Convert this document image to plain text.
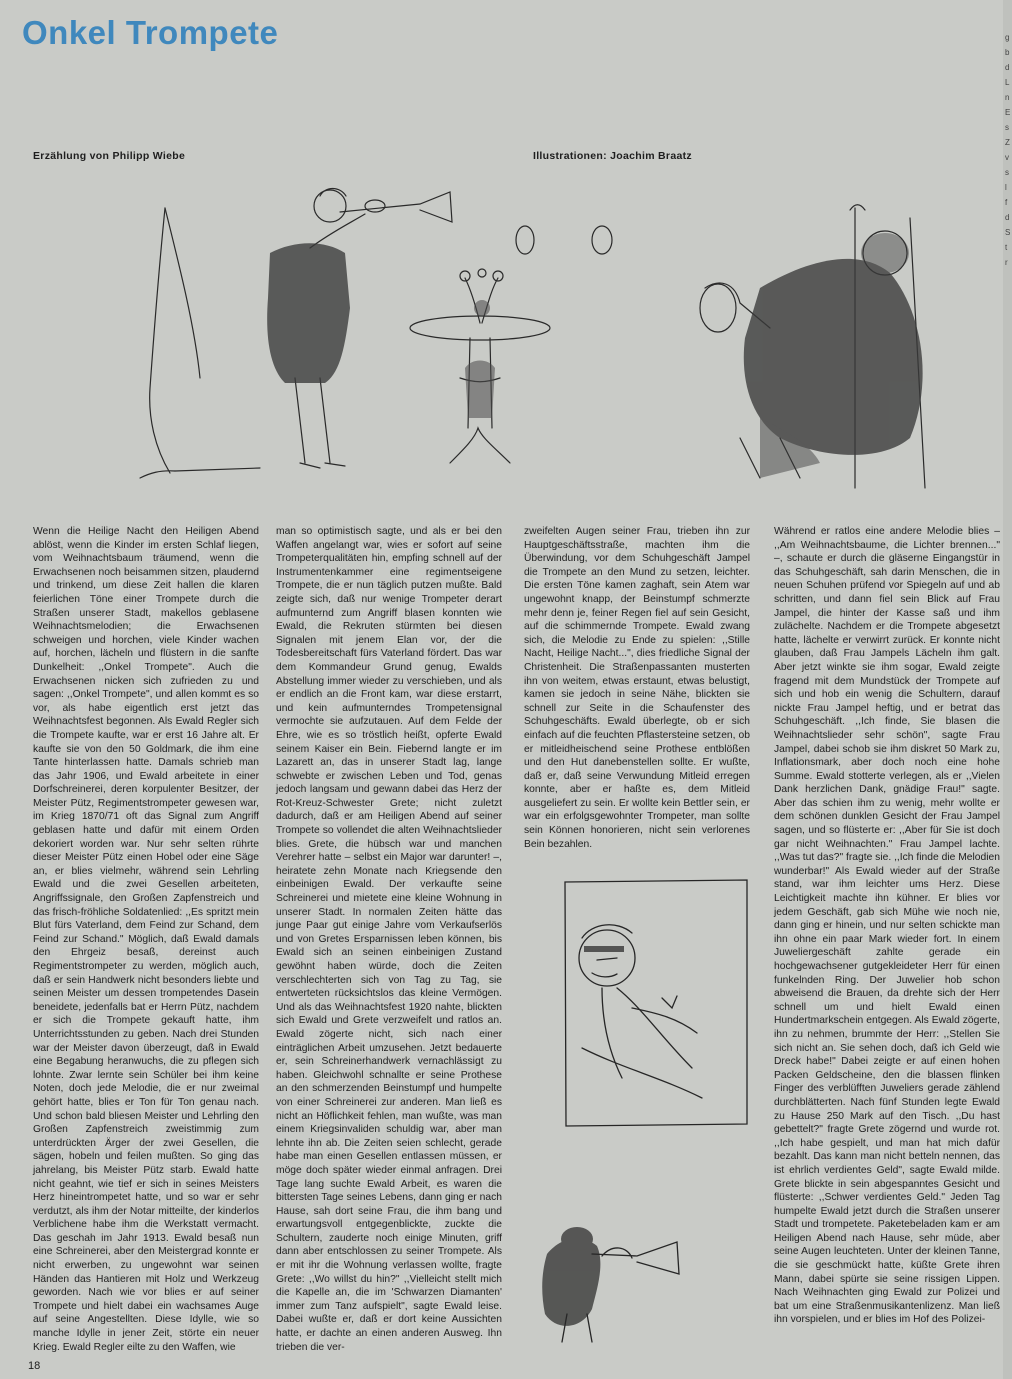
Onkel Trompete
Erzählung von Philipp Wiebe	Illustrationen: Joachim Braatz

Wenn die Heilige Nacht den Heiligen Abend ablöst, wenn die Kinder im ersten Schlaf liegen, vom Weihnachtsbaum träumend, wenn die Erwachsenen noch beisammen sitzen, plaudernd und trinkend, um diese Zeit hallen die klaren feierlichen Töne einer Trompete durch die Straßen unserer Stadt, makellos geblasene Weihnachtsmelodien; die Erwachsenen schweigen und horchen, viele Kinder wachen auf, horchen, lächeln und flüstern in die sanfte Dunkelheit: ,,Onkel Trompete". Auch die Erwachsenen nicken sich zufrieden zu und sagen: ,,Onkel Trompete", und allen kommt es so vor, als habe eigentlich erst jetzt das Weihnachtsfest begonnen. Als Ewald Regler sich die Trompete kaufte, war er erst 16 Jahre alt. Er kaufte sie von den 50 Goldmark, die ihm eine Tante hinterlassen hatte. Damals schrieb man das Jahr 1906, und Ewald arbeitete in einer Dorfschreinerei, deren korpulenter Besitzer, der Meister Pütz, Regimentstrompeter gewesen war, im Krieg 1870/71 oft das Signal zum Angriff geblasen hatte und dafür mit einem Orden dekoriert worden war. Nur sehr selten rührte dieser Meister Pütz einen Hobel oder eine Säge an, er blies vielmehr, während sein Lehrling Ewald und die zwei Gesellen arbeiteten, Angriffssignale, den Großen Zapfenstreich und das frisch-fröhliche Soldatenlied: ,,Es spritzt mein Blut fürs Vaterland, dem Feind zur Schand, dem Feind zur Schand." Möglich, daß Ewald damals den Ehrgeiz besaß, dereinst auch Regimentstrompeter zu werden, möglich auch, daß er sein Handwerk nicht besonders liebte und seinen Meister um dessen trompetendes Dasein beneidete, jedenfalls bat er Herrn Pütz, nachdem er sich die Trompete gekauft hatte, ihm Unterrichtsstunden zu geben. Nach drei Stunden war der Meister davon überzeugt, daß in Ewald eine Begabung heranwuchs, die zu pflegen sich lohnte. Zwar lernte sein Schüler bei ihm keine Noten, doch jede Melodie, die er nur zweimal gehört hatte, blies er Ton für Ton genau nach. Und schon bald bliesen Meister und Lehrling den Großen Zapfenstreich zweistimmig zum unterdrückten Ärger der zwei Gesellen, die sägen, hobeln und feilen mußten. So ging das jahrelang, bis Meister Pütz starb. Ewald hatte nicht geahnt, wie tief er sich in seines Meisters Herz hineintrompetet hatte, und so war er sehr verdutzt, als ihm der Notar mitteilte, der kinderlos Verblichene habe ihm die Werkstatt vermacht. Das geschah im Jahr 1913. Ewald besaß nun eine Schreinerei, aber den Meistergrad konnte er nicht erwerben, zu ungewohnt war seinen Händen das Hantieren mit Holz und Werkzeug geworden. Nach wie vor blies er auf seiner Trompete und hielt dabei ein wachsames Auge auf seine Angestellten. Diese Idylle, wie so manche Idylle in jener Zeit, störte ein neuer Krieg. Ewald Regler eilte zu den Waffen, wie

man so optimistisch sagte, und als er bei den Waffen angelangt war, wies er sofort auf seine Trompeterqualitäten hin, empfing schnell auf der Instrumentenkammer eine regimentseigene Trompete, die er nun täglich putzen mußte. Bald zeigte sich, daß nur wenige Trompeter derart aufmunternd zum Angriff blasen konnten wie Ewald, die Rekruten stürmten bei diesen Signalen mit jenem Elan vor, der die Todesbereitschaft fürs Vaterland fördert. Das war dem Kommandeur Grund genug, Ewalds Abstellung immer wieder zu verschieben, und als er endlich an die Front kam, war diese erstarrt, und kein aufmunterndes Trompetensignal vermochte sie aufzutauen. Auf dem Felde der Ehre, wie es so tröstlich heißt, opferte Ewald seinem Kaiser ein Bein. Fiebernd langte er im Lazarett an, das in unserer Stadt lag, lange schwebte er zwischen Leben und Tod, genas jedoch langsam und gewann dabei das Herz der Rot-Kreuz-Schwester Grete; nicht zuletzt dadurch, daß er am Heiligen Abend auf seiner Trompete so vollendet die alten Weihnachtslieder blies. Grete, die hübsch war und manchen Verehrer hatte – selbst ein Major war darunter! –, heiratete zehn Monate nach Kriegsende den einbeinigen Ewald. Der verkaufte seine Schreinerei und mietete eine kleine Wohnung in unserer Stadt. In normalen Zeiten hätte das junge Paar gut einige Jahre vom Verkaufserlös und von Gretes Ersparnissen leben können, bis Ewald sich an seinen einbeinigen Zustand gewöhnt haben würde, doch die Zeiten verschlechterten sich von Tag zu Tag, sie entwerteten rücksichtslos das kleine Vermögen. Und als das Weihnachtsfest 1920 nahte, blickten sich Ewald und Grete verzweifelt und ratlos an. Ewald zögerte nicht, sich nach einer einträglichen Arbeit umzusehen. Jetzt bedauerte er, sein Schreinerhandwerk vernachlässigt zu haben. Gleichwohl schnallte er seine Prothese an den schmerzenden Beinstumpf und humpelte von einer Schreinerei zur anderen. Man ließ es nicht an Höflichkeit fehlen, man wußte, was man einem Kriegsinvaliden schuldig war, aber man lehnte ihn ab. Die Zeiten seien schlecht, gerade habe man einen Gesellen entlassen müssen, er möge doch später wieder einmal anfragen. Drei Tage lang suchte Ewald Arbeit, es waren die bittersten Tage seines Lebens, dann ging er nach Hause, sah dort seine Frau, die ihm bang und erwartungsvoll entgegenblickte, zuckte die Schultern, zauderte noch einige Minuten, griff dann aber entschlossen zu seiner Trompete. Als er mit ihr die Wohnung verlassen wollte, fragte Grete: ,,Wo willst du hin?" ,,Vielleicht stellt mich die Kapelle an, die im 'Schwarzen Diamanten' immer zum Tanz aufspielt", sagte Ewald leise. Dabei wußte er, daß er dort keine Aussichten hatte, er dachte an einen anderen Ausweg. Ihn trieben die ver-

zweifelten Augen seiner Frau, trieben ihn zur Hauptgeschäftsstraße, machten ihm die Überwindung, vor dem Schuhgeschäft Jampel die Trompete an den Mund zu setzen, leichter. Die ersten Töne kamen zaghaft, sein Atem war ungewohnt knapp, der Beinstumpf schmerzte mehr denn je, feiner Regen fiel auf sein Gesicht, auf die schimmernde Trompete. Ewald zwang sich, die Melodie zu Ende zu spielen: ,,Stille Nacht, Heilige Nacht...", dies friedliche Signal der Christenheit. Die Straßenpassanten musterten ihn von weitem, etwas erstaunt, etwas belustigt, kamen sie jedoch in seine Nähe, blickten sie schnell zur Seite in die Schaufenster des Schuhgeschäfts. Ewald überlegte, ob er sich einfach auf die feuchten Pflastersteine setzen, ob er mitleidheischend seine Prothese entblößen und den Hut danebenstellen sollte. Er wußte, daß er, daß seine Verwundung Mitleid erregen konnte, aber er haßte es, dem Mitleid ausgeliefert zu sein. Er wollte kein Bettler sein, er war ein erfolgsgewohnter Trompeter, man sollte sein Können honorieren, nicht sein verlorenes Bein bezahlen.

Während er ratlos eine andere Melodie blies – ,,Am Weihnachtsbaume, die Lichter brennen..." –, schaute er durch die gläserne Eingangstür in das Schuhgeschäft, sah darin Menschen, die in neuen Schuhen prüfend vor Spiegeln auf und ab schritten, und dann fiel sein Blick auf Frau Jampel, die hinter der Kasse saß und ihm zulächelte. Nachdem er die Trompete abgesetzt hatte, lächelte er verwirrt zurück. Er konnte nicht glauben, daß Frau Jampels Lächeln ihm galt. Aber jetzt winkte sie ihm sogar, Ewald zeigte fragend mit dem Mundstück der Trompete auf sich und hob ein wenig die Schultern, darauf nickte Frau Jampel heftig, und er betrat das Schuhgeschäft. ,,Ich finde, Sie blasen die Weihnachtslieder sehr schön", sagte Frau Jampel, dabei schob sie ihm diskret 50 Mark zu, Inflationsmark, aber doch noch eine hohe Summe. Ewald stotterte verlegen, als er ,,Vielen Dank herzlichen Dank, gnädige Frau!" sagte. Aber das schien ihm zu wenig, mehr wollte er dem schönen dunklen Gesicht der Frau Jampel sagen, und so flüsterte er: ,,Aber für Sie ist doch gar nicht Weihnachten." Frau Jampel lachte. ,,Was tut das?" fragte sie. ,,Ich finde die Melodien wunderbar!" Als Ewald wieder auf der Straße stand, war ihm leichter ums Herz. Diese Leichtigkeit machte ihn kühner. Er blies vor jedem Geschäft, gab sich Mühe wie noch nie, dann ging er hinein, und nur selten schickte man ihn ohne ein paar Mark wieder fort. In einem Juweliergeschäft zahlte gerade ein hochgewachsener gutgekleideter Herr für einen funkelnden Ring. Der Juwelier hob schon abweisend die Brauen, da drehte sich der Herr schnell um und hielt Ewald einen Hundertmarkschein entgegen. Als Ewald zögerte, ihn zu nehmen, brummte der Herr: ,,Stellen Sie sich nicht an. Sie sehen doch, daß ich Geld wie Dreck habe!" Dabei zeigte er auf einen hohen Packen Geldscheine, den die blassen flinken Finger des verblüfften Juweliers gerade zählend durchblätterten. Nach fünf Stunden legte Ewald zu Hause 250 Mark auf den Tisch. ,,Du hast gebettelt?" fragte Grete zögernd und wurde rot. ,,Ich habe gespielt, und man hat mich dafür bezahlt. Das kann man nicht betteln nennen, das ist ehrlich verdientes Geld", sagte Ewald milde. Grete blickte in sein abgespanntes Gesicht und flüsterte: ,,Schwer verdientes Geld." Jeden Tag humpelte Ewald jetzt durch die Straßen unserer Stadt und trompetete. Paketebeladen kam er am Heiligen Abend nach Hause, sehr müde, aber seine Augen leuchteten. Unter der kleinen Tanne, die sie geschmückt hatte, küßte Grete ihren Mann, dabei spürte sie seine rissigen Lippen. Nach Weihnachten ging Ewald zur Polizei und bat um eine Straßenmusikantenlizenz. Man ließ ihn vorspielen, und er blies im Hof des Polizei-

18
g
b
d
L
n
E
s
Z
v
s
l
f
d
S
t
r
